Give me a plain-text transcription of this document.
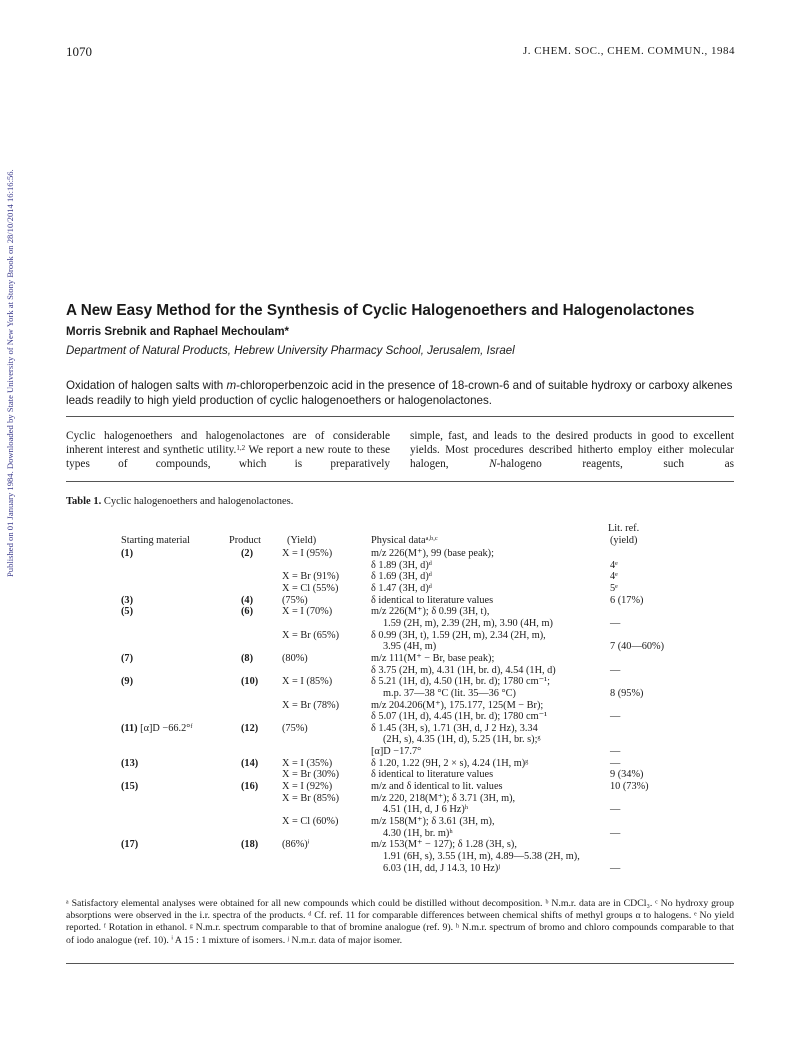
1070	J. CHEM. SOC., CHEM. COMMUN., 1984
Published on 01 January 1984. Downloaded by State University of New York at Stony Brook on 28/10/2014 16:16:56.	A New Easy Method for the Synthesis of Cyclic Halogenoethers and Halogenolactones
Morris Srebnik and Raphael Mechoulam*
Department of Natural Products, Hebrew University Pharmacy School, Jerusalem, Israel
Oxidation of halogen salts with m-chloroperbenzoic acid in the presence of 18-crown-6 and of suitable hydroxy or carboxy alkenes leads readily to high yield production of cyclic halogenoethers or halogenolactones.

Cyclic halogenoethers and halogenolactones are of considerable inherent interest and synthetic utility.$^{1,2}$ We report a new route to these types of compounds, which is preparatively

simple, fast, and leads to the desired products in good to excellent yields. Most procedures described hitherto employ either molecular halogen, N-halogeno reagents, such as

Table 1. Cyclic halogenoethers and halogenolactones.
Lit. ref.
Starting material	Product	(Yield)	Physical data$^{a,b,c}$	(yield)
(1)	(2)	X = I (95%)	m/z 226(M⁺), 99 (base peak);
δ 1.89 (3H, d)ᵈ	4ᵉ
X = Br (91%)	δ 1.69 (3H, d)ᵈ	4ᵉ
X = Cl (55%)	δ 1.47 (3H, d)ᵈ	5ᵉ
(3)	(4)	(75%)	δ identical to literature values	6 (17%)
(5)	(6)	X = I (70%)	m/z 226(M⁺); δ 0.99 (3H, t),
1.59 (2H, m), 2.39 (2H, m), 3.90 (4H, m)	—
X = Br (65%)	δ 0.99 (3H, t), 1.59 (2H, m), 2.34 (2H, m),
3.95 (4H, m)	7 (40—60%)
(7)	(8)	(80%)	m/z 111(M⁺ − Br, base peak);
δ 3.75 (2H, m), 4.31 (1H, br. d), 4.54 (1H, d)	—
(9)	(10) X = I (85%)	δ 5.21 (1H, d), 4.50 (1H, br. d); 1780 cm⁻¹;
m.p. 37—38 °C (lit. 35—36 °C)	8 (95%)
X = Br (78%)	m/z 204.206(M⁺), 175.177, 125(M − Br);
δ 5.07 (1H, d), 4.45 (1H, br. d); 1780 cm⁻¹	—
(11) [α]D −66.2°ᶠ	(12) (75%)	δ 1.45 (3H, s), 1.71 (3H, d, J 2 Hz), 3.34
(2H, s), 4.35 (1H, d), 5.25 (1H, br. s);ᵍ
[α]D −17.7°	—
(13)	(14) X = I (35%)	δ 1.20, 1.22 (9H, 2 × s), 4.24 (1H, m)ᵍ	—
X = Br (30%)	δ identical to literature values	9 (34%)
(15)	(16) X = I (92%)	m/z and δ identical to lit. values	10 (73%)
X = Br (85%)	m/z 220, 218(M⁺); δ 3.71 (3H, m),
4.51 (1H, d, J 6 Hz)ʰ	—
X = Cl (60%)	m/z 158(M⁺); δ 3.61 (3H, m),
4.30 (1H, br. m)ʰ	—
(17)	(18) (86%)ⁱ	m/z 153(M⁺ − 127); δ 1.28 (3H, s),
1.91 (6H, s), 3.55 (1H, m), 4.89—5.38 (2H, m),
6.03 (1H, dd, J 14.3, 10 Hz)ʲ	—
ᵃ Satisfactory elemental analyses were obtained for all new compounds which could be distilled without decomposition. ᵇ N.m.r. data are in CDCl₃. ᶜ No hydroxy group absorptions were observed in the i.r. spectra of the products. ᵈ Cf. ref. 11 for comparable differences between chemical shifts of methyl groups α to halogens. ᵉ No yield reported. ᶠ Rotation in ethanol. ᵍ N.m.r. spectrum comparable to that of bromine analogue (ref. 9). ʰ N.m.r. spectrum of bromo and chloro compounds comparable to that of iodo analogue (ref. 10). ⁱ A 15 : 1 mixture of isomers. ʲ N.m.r. data of major isomer.
